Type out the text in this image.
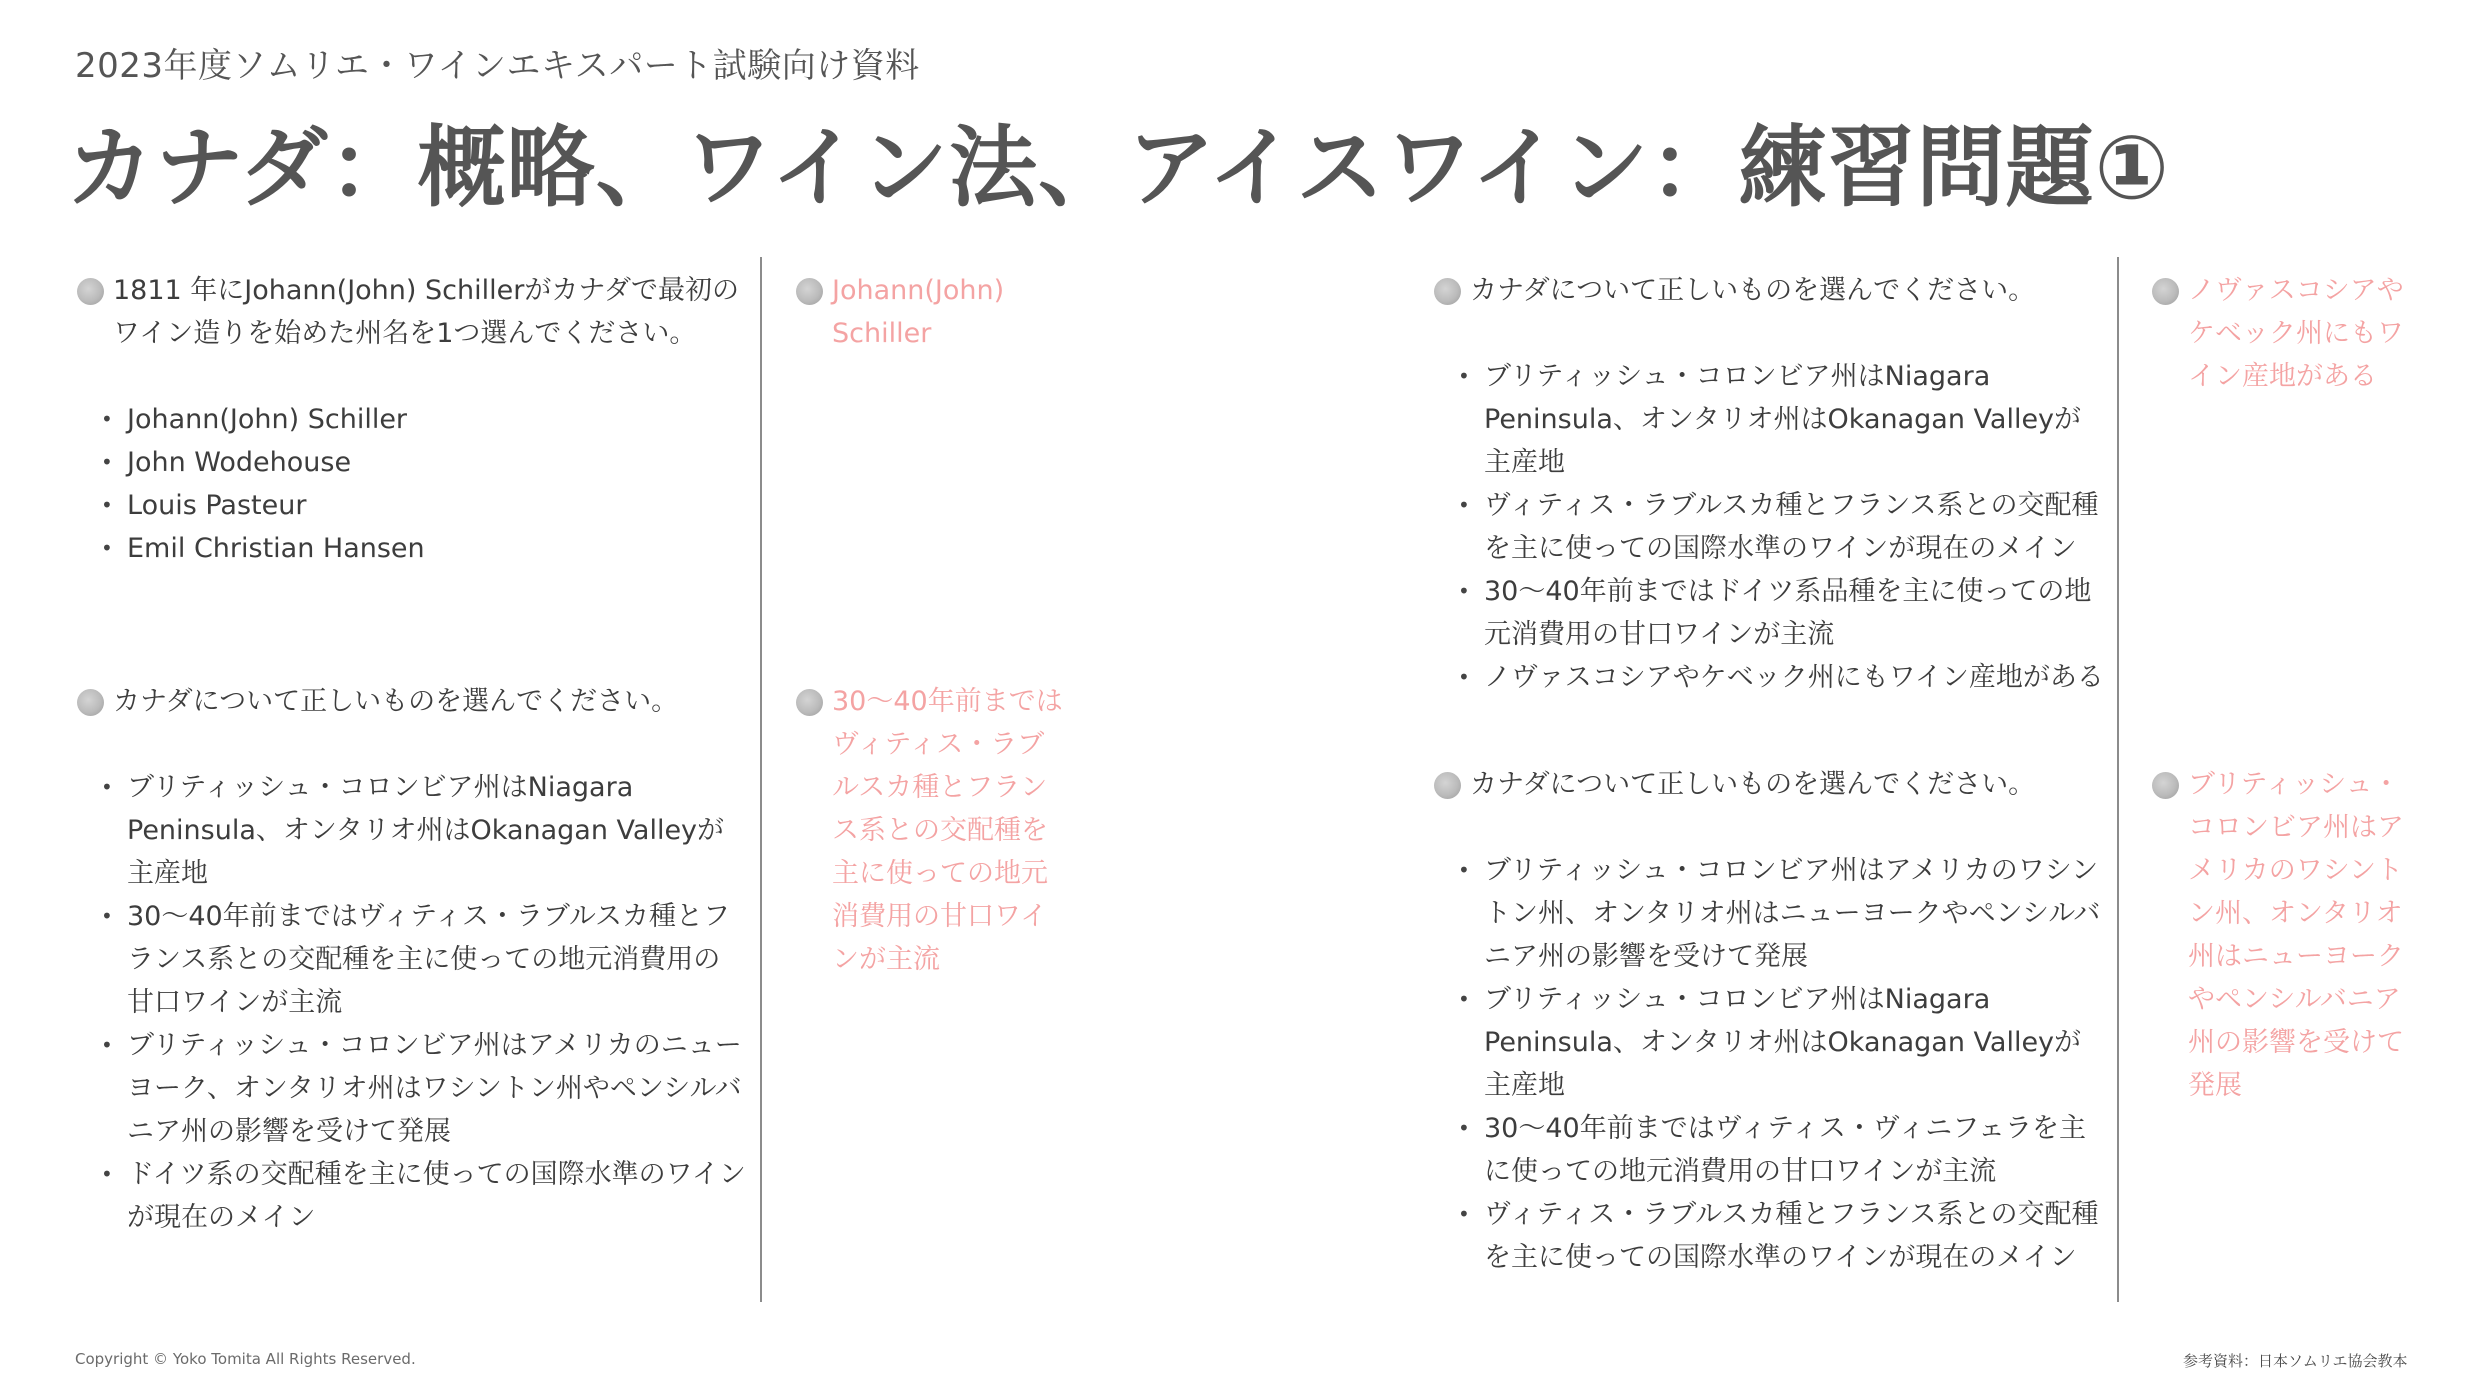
2023年度ソムリエ・ワインエキスパート試験向け資料
カナダ：概略、ワイン法、アイスワイン：練習問題①
1811 年にJohann(John) Schillerがカナダで最初のワイン造りを始めた州名を1つ選んでください。
• Johann(John) Schiller
• John Wodehouse
• Louis Pasteur
• Emil Christian Hansen
Johann(John) Schiller
カナダについて正しいものを選んでください。
• ブリティッシュ・コロンビア州はNiagara Peninsula、オンタリオ州はOkanagan Valleyが主産地
• 30〜40年前まではヴィティス・ラブルスカ種とフランス系との交配種を主に使っての地元消費用の甘口ワインが主流
• ブリティッシュ・コロンビア州はアメリカのニューヨーク、オンタリオ州はワシントン州やペンシルバニア州の影響を受けて発展
• ドイツ系の交配種を主に使っての国際水準のワインが現在のメイン
30〜40年前まではヴィティス・ラブルスカ種とフランス系との交配種を主に使っての地元消費用の甘口ワインが主流
カナダについて正しいものを選んでください。
• ブリティッシュ・コロンビア州はNiagara Peninsula、オンタリオ州はOkanagan Valleyが主産地
• ヴィティス・ラブルスカ種とフランス系との交配種を主に使っての国際水準のワインが現在のメイン
• 30〜40年前まではドイツ系品種を主に使っての地元消費用の甘口ワインが主流
• ノヴァスコシアやケベック州にもワイン産地がある
ノヴァスコシアやケベック州にもワイン産地がある
カナダについて正しいものを選んでください。
• ブリティッシュ・コロンビア州はアメリカのワシントン州、オンタリオ州はニューヨークやペンシルバニア州の影響を受けて発展
• ブリティッシュ・コロンビア州はNiagara Peninsula、オンタリオ州はOkanagan Valleyが主産地
• 30〜40年前まではヴィティス・ヴィニフェラを主に使っての地元消費用の甘口ワインが主流
• ヴィティス・ラブルスカ種とフランス系との交配種を主に使っての国際水準のワインが現在のメイン
ブリティッシュ・コロンビア州はアメリカのワシントン州、オンタリオ州はニューヨークやペンシルバニア州の影響を受けて発展
Copyright © Yoko Tomita All Rights Reserved.	参考資料：日本ソムリエ協会教本
